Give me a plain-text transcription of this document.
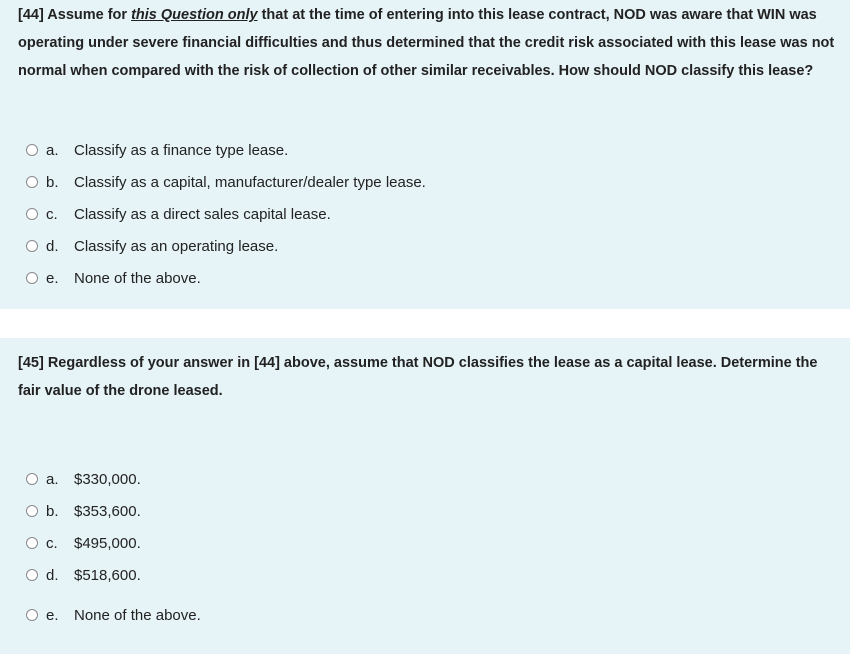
[44] Assume for this Question only that at the time of entering into this lease contract, NOD was aware that WIN was operating under severe financial difficulties and thus determined that the credit risk associated with this lease was not normal when compared with the risk of collection of other similar receivables. How should NOD classify this lease?
a.	Classify as a finance type lease.
b.	Classify as a capital, manufacturer/dealer type lease.
c.	Classify as a direct sales capital lease.
d.	Classify as an operating lease.
e.	None of the above.
[45] Regardless of your answer in [44] above, assume that NOD classifies the lease as a capital lease. Determine the fair value of the drone leased.
a.	$330,000.
b.	$353,600.
c.	$495,000.
d.	$518,600.
e.	None of the above.
